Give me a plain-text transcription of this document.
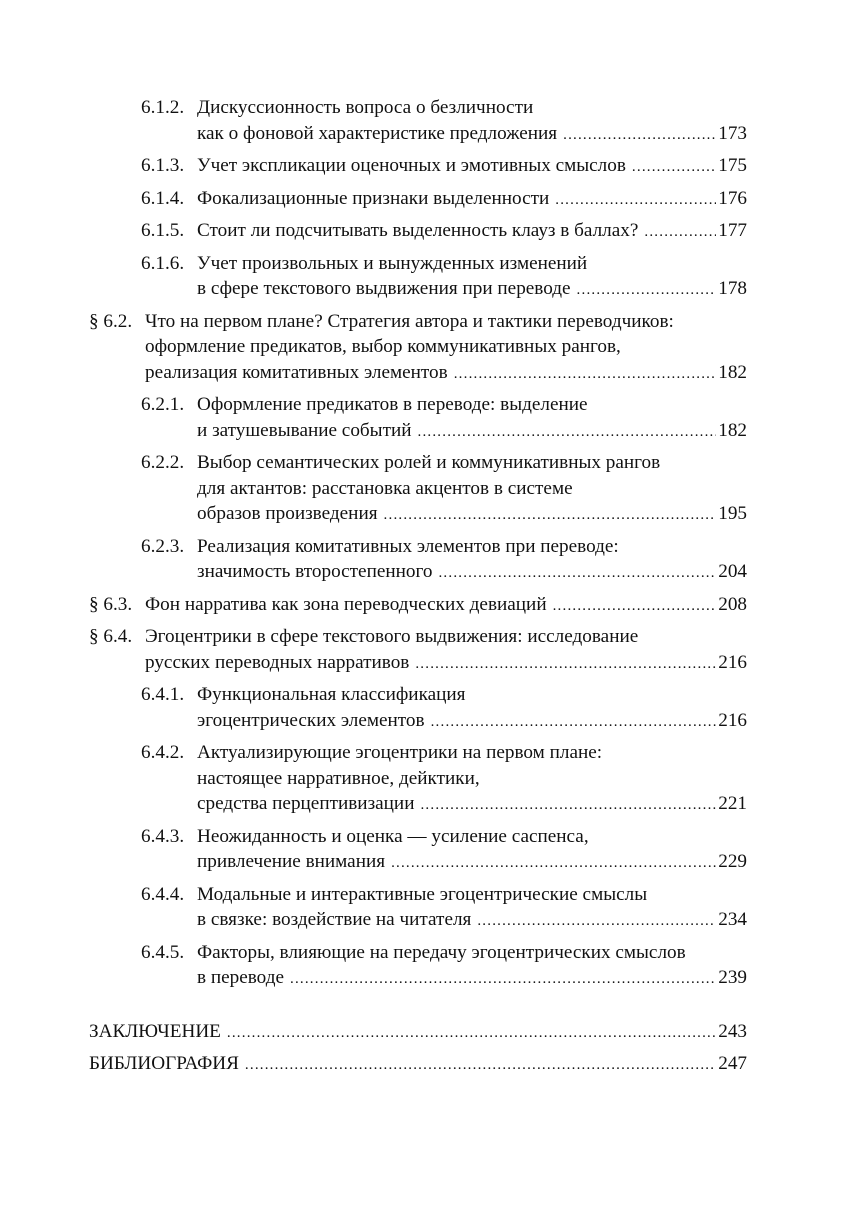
6.1.2. Дискуссионность вопроса о безличности
как о фоновой характеристике предложения .....	173
6.1.3. Учет экспликации оценочных и эмотивных смыслов .....	175
6.1.4. Фокализационные признаки выделенности .....	176
6.1.5. Стоит ли подсчитывать выделенность клауз в баллах? .....	177
6.1.6. Учет произвольных и вынужденных изменений
в сфере текстового выдвижения при переводе .....	178
§ 6.2. Что на первом плане? Стратегия автора и тактики переводчиков:
оформление предикатов, выбор коммуникативных рангов,
реализация комитативных элементов .....	182
6.2.1. Оформление предикатов в переводе: выделение
и затушевывание событий .....	182
6.2.2. Выбор семантических ролей и коммуникативных рангов
для актантов: расстановка акцентов в системе
образов произведения .....	195
6.2.3. Реализация комитативных элементов при переводе:
значимость второстепенного .....	204
§ 6.3. Фон нарратива как зона переводческих девиаций .....	208
§ 6.4. Эгоцентрики в сфере текстового выдвижения: исследование
русских переводных нарративов .....	216
6.4.1. Функциональная классификация
эгоцентрических элементов .....	216
6.4.2. Актуализирующие эгоцентрики на первом плане:
настоящее нарративное, дейктики,
средства перцептивизации .....	221
6.4.3. Неожиданность и оценка — усиление саспенса,
привлечение внимания .....	229
6.4.4. Модальные и интерактивные эгоцентрические смыслы
в связке: воздействие на читателя .....	234
6.4.5. Факторы, влияющие на передачу эгоцентрических смыслов
в переводе .....	239
ЗАКЛЮЧЕНИЕ .....	243
БИБЛИОГРАФИЯ .....	247
